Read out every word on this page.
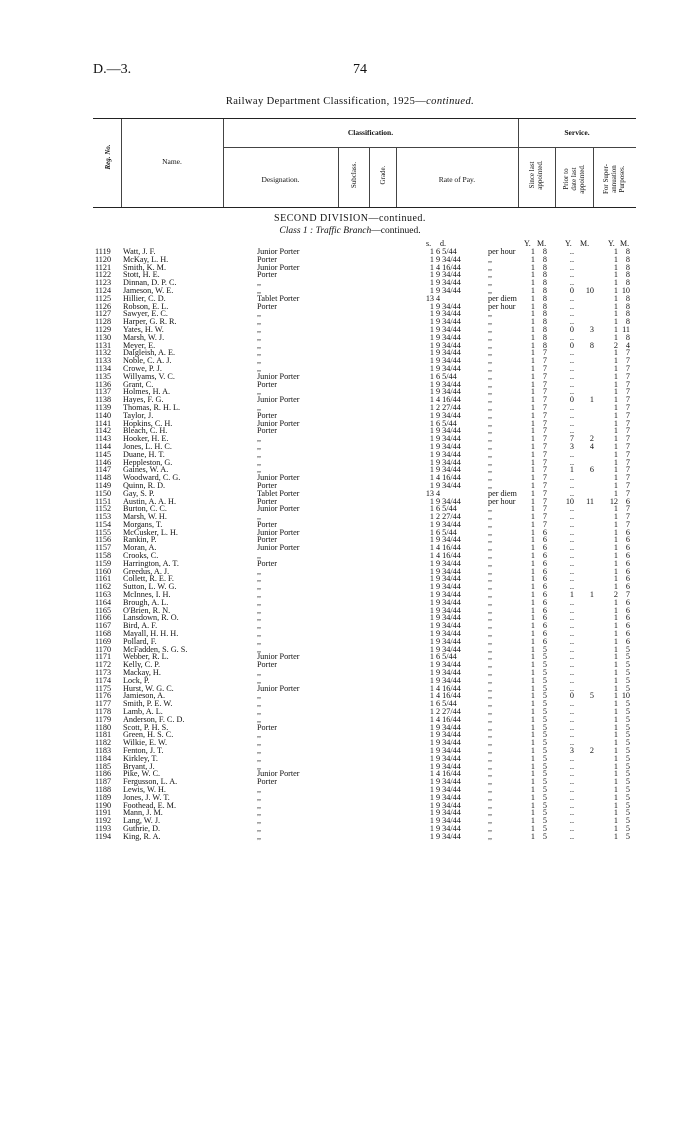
D.—3.	74
Railway Department Classification, 1925—continued.
Reg. No.	Name.
Classification.	Service.
Designation.	Subclass.	Grade.	Rate of Pay.	Since last
appointed.	Prior to
date last
appointed. For Super-
annuation
Purposes.
SECOND DIVISION—continued.
Class 1 : Traffic Branch—continued.
s. d.	Y. M. Y. M. Y. M.
1119 Watt, J. F.	Junior Porter	1 6 5/44	per hour	1 8	..	1 8
1120 McKay, L. H.	Porter	1 9 34/44	,,	1 8	..	1 8
1121 Smith, K. M.	Junior Porter	1 4 16/44	,,	1 8	..	1 8
1122 Stott, H. E.	Porter	1 9 34/44	,,	1 8	..	1 8
1123 Dinnan, D. P. C.	,,	1 9 34/44	,,	1 8	..	1 8
1124 Jameson, W. E.	,,	1 9 34/44	,,	1 8	0	10	1 10
1125 Hillier, C. D.	Tablet Porter	13 4	per diem	1 8	..	1 8
1126 Robson, E. L.	Porter	1 9 34/44	per hour	1 8	..	1 8
1127 Sawyer, E. C.	,,	1 9 34/44	,,	1 8	..	1 8
1128 Harper, G. R. R.	,,	1 9 34/44	,,	1 8	..	1 8
1129 Yates, H. W.	,,	1 9 34/44	,,	1 8	0	3	1 11
1130 Marsh, W. J.	,,	1 9 34/44	,,	1 8	..	1 8
1131 Meyer, E.	,,	1 9 34/44	,,	1 8	0	8	2 4
1132 Dalgleish, A. E.	,,	1 9 34/44	,,	1 7	..	1 7
1133 Noble, C. A. J.	,,	1 9 34/44	,,	1 7	..	1 7
1134 Crowe, P. J.	,,	1 9 34/44	,,	1 7	..	1 7
1135 Willyams, V. C.	Junior Porter	1 6 5/44	,,	1 7	..	1 7
1136 Grant, C.	Porter	1 9 34/44	,,	1 7	..	1 7
1137 Holmes, H. A.	,,	1 9 34/44	,,	1 7	..	1 7
1138 Hayes, F. G.	Junior Porter	1 4 16/44	,,	1 7	0	1	1 7
1139 Thomas, R. H. L.	,,	1 2 27/44	,,	1 7	..	1 7
1140 Taylor, J.	Porter	1 9 34/44	,,	1 7	..	1 7
1141 Hopkins, C. H.	Junior Porter	1 6 5/44	,,	1 7	..	1 7
1142 Bleach, C. H.	Porter	1 9 34/44	,,	1 7	..	1 7
1143 Hooker, H. E.	,,	1 9 34/44	,,	1 7	7	2	1 7
1144 Jones, L. H. C.	,,	1 9 34/44	,,	1 7	3	4	1 7
1145 Duane, H. T.	,,	1 9 34/44	,,	1 7	..	1 7
1146 Heppleston, G.	,,	1 9 34/44	,,	1 7	..	1 7
1147 Gaines, W. A.	,,	1 9 34/44	,,	1 7	1	6	1 7
1148 Woodward, C. G.	Junior Porter	1 4 16/44	,,	1 7	..	1 7
1149 Quinn, R. D.	Porter	1 9 34/44	,,	1 7	..	1 7
1150 Gay, S. P.	Tablet Porter	13 4	per diem	1 7	..	1 7
1151 Austin, A. A. H.	Porter	1 9 34/44	per hour	1 7	10	11	12 6
1152 Burton, C. C.	Junior Porter	1 6 5/44	,,	1 7	..	1 7
1153 Marsh, W. H.	,,	1 2 27/44	,,	1 7	..	1 7
1154 Morgans, T.	Porter	1 9 34/44	,,	1 7	..	1 7
1155 McCusker, L. H.	Junior Porter	1 6 5/44	,,	1 6	..	1 6
1156 Rankin, P.	Porter	1 9 34/44	,,	1 6	..	1 6
1157 Moran, A.	Junior Porter	1 4 16/44	,,	1 6	..	1 6
1158 Crooks, C.	,,	1 4 16/44	,,	1 6	..	1 6
1159 Harrington, A. T.	Porter	1 9 34/44	,,	1 6	..	1 6
1160 Greedus, A. J.	,,	1 9 34/44	,,	1 6	..	1 6
1161 Collett, R. E. F.	,,	1 9 34/44	,,	1 6	..	1 6
1162 Sutton, L. W. G.	,,	1 9 34/44	,,	1 6	..	1 6
1163 McInnes, I. H.	,,	1 9 34/44	,,	1 6	1	1	2 7
1164 Brough, A. L.	,,	1 9 34/44	,,	1 6	..	1 6
1165 O'Brien, R. N.	,,	1 9 34/44	,,	1 6	..	1 6
1166 Lansdown, R. O.	,,	1 9 34/44	,,	1 6	..	1 6
1167 Bird, A. F.	,,	1 9 34/44	,,	1 6	..	1 6
1168 Mayall, H. H. H.	,,	1 9 34/44	,,	1 6	..	1 6
1169 Pollard, F.	,,	1 9 34/44	,,	1 6	..	1 6
1170 McFadden, S. G. S.	,,	1 9 34/44	,,	1 5	..	1 5
1171 Webber, R. L.	Junior Porter	1 6 5/44	,,	1 5	..	1 5
1172 Kelly, C. P.	Porter	1 9 34/44	,,	1 5	..	1 5
1173 Mackay, H.	,,	1 9 34/44	,,	1 5	..	1 5
1174 Lock, P.	,,	1 9 34/44	,,	1 5	..	1 5
1175 Hurst, W. G. C.	Junior Porter	1 4 16/44	,,	1 5	..	1 5
1176 Jamieson, A.	,,	1 4 16/44	,,	1 5	0	5	1 10
1177 Smith, P. E. W.	,,	1 6 5/44	,,	1 5	..	1 5
1178 Lamb, A. L.	,,	1 2 27/44	,,	1 5	..	1 5
1179 Anderson, F. C. D.	,,	1 4 16/44	,,	1 5	..	1 5
1180 Scott, P. H. S.	Porter	1 9 34/44	,,	1 5	..	1 5
1181 Green, H. S. C.	,,	1 9 34/44	,,	1 5	..	1 5
1182 Wilkie, E. W.	,,	1 9 34/44	,,	1 5	..	1 5
1183 Fenton, J. T.	,,	1 9 34/44	,,	1 5	3	2	1 5
1184 Kirkley, T.	,,	1 9 34/44	,,	1 5	..	1 5
1185 Bryant, J.	,,	1 9 34/44	,,	1 5	..	1 5
1186 Pike, W. C.	Junior Porter	1 4 16/44	,,	1 5	..	1 5
1187 Fergusson, L. A.	Porter	1 9 34/44	,,	1 5	..	1 5
1188 Lewis, W. H.	,,	1 9 34/44	,,	1 5	..	1 5
1189 Jones, J. W. T.	,,	1 9 34/44	,,	1 5	..	1 5
1190 Foothead, E. M.	,,	1 9 34/44	,,	1 5	..	1 5
1191 Mann, J. M.	,,	1 9 34/44	,,	1 5	..	1 5
1192 Lang, W. J.	,,	1 9 34/44	,,	1 5	..	1 5
1193 Guthrie, D.	,,	1 9 34/44	,,	1 5	..	1 5
1194 King, R. A.	,,	1 9 34/44	,,	1 5	..	1 5
